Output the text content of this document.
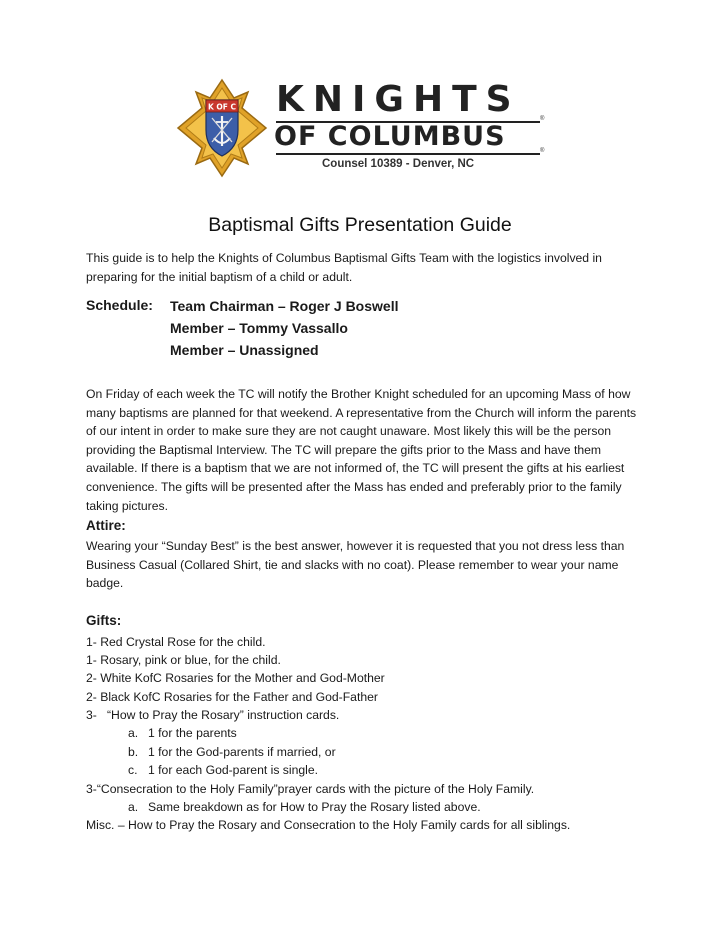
K OF C KNIGHTS	®
OF COLUMBUS	®
Counsel 10389 - Denver, NC
Baptismal Gifts Presentation Guide

This guide is to help the Knights of Columbus Baptismal Gifts Team with the logistics involved in preparing for the initial baptism of a child or adult.

Schedule: Team Chairman – Roger J Boswell
Member – Tommy Vassallo
Member – Unassigned

On Friday of each week the TC will notify the Brother Knight scheduled for an upcoming Mass of how many baptisms are planned for that weekend. A representative from the Church will inform the parents of our intent in order to make sure they are not caught unaware. Most likely this will be the person providing the Baptismal Interview. The TC will prepare the gifts prior to the Mass and have them available. If there is a baptism that we are not informed of, the TC will present the gifts at his earliest convenience. The gifts will be presented after the Mass has ended and preferably prior to the family taking pictures.

Attire:

Wearing your “Sunday Best” is the best answer, however it is requested that you not dress less than Business Casual (Collared Shirt, tie and slacks with no coat). Please remember to wear your name badge.

Gifts:
1- Red Crystal Rose for the child.
1- Rosary, pink or blue, for the child.
2- White KofC Rosaries for the Mother and God-Mother
2- Black KofC Rosaries for the Father and God-Father
3-   “How to Pray the Rosary” instruction cards.
a. 1 for the parents
b. 1 for the God-parents if married, or
c. 1 for each God-parent is single.
3-“Consecration to the Holy Family”prayer cards with the picture of the Holy Family.
a. Same breakdown as for How to Pray the Rosary listed above.
Misc. – How to Pray the Rosary and Consecration to the Holy Family cards for all siblings.
